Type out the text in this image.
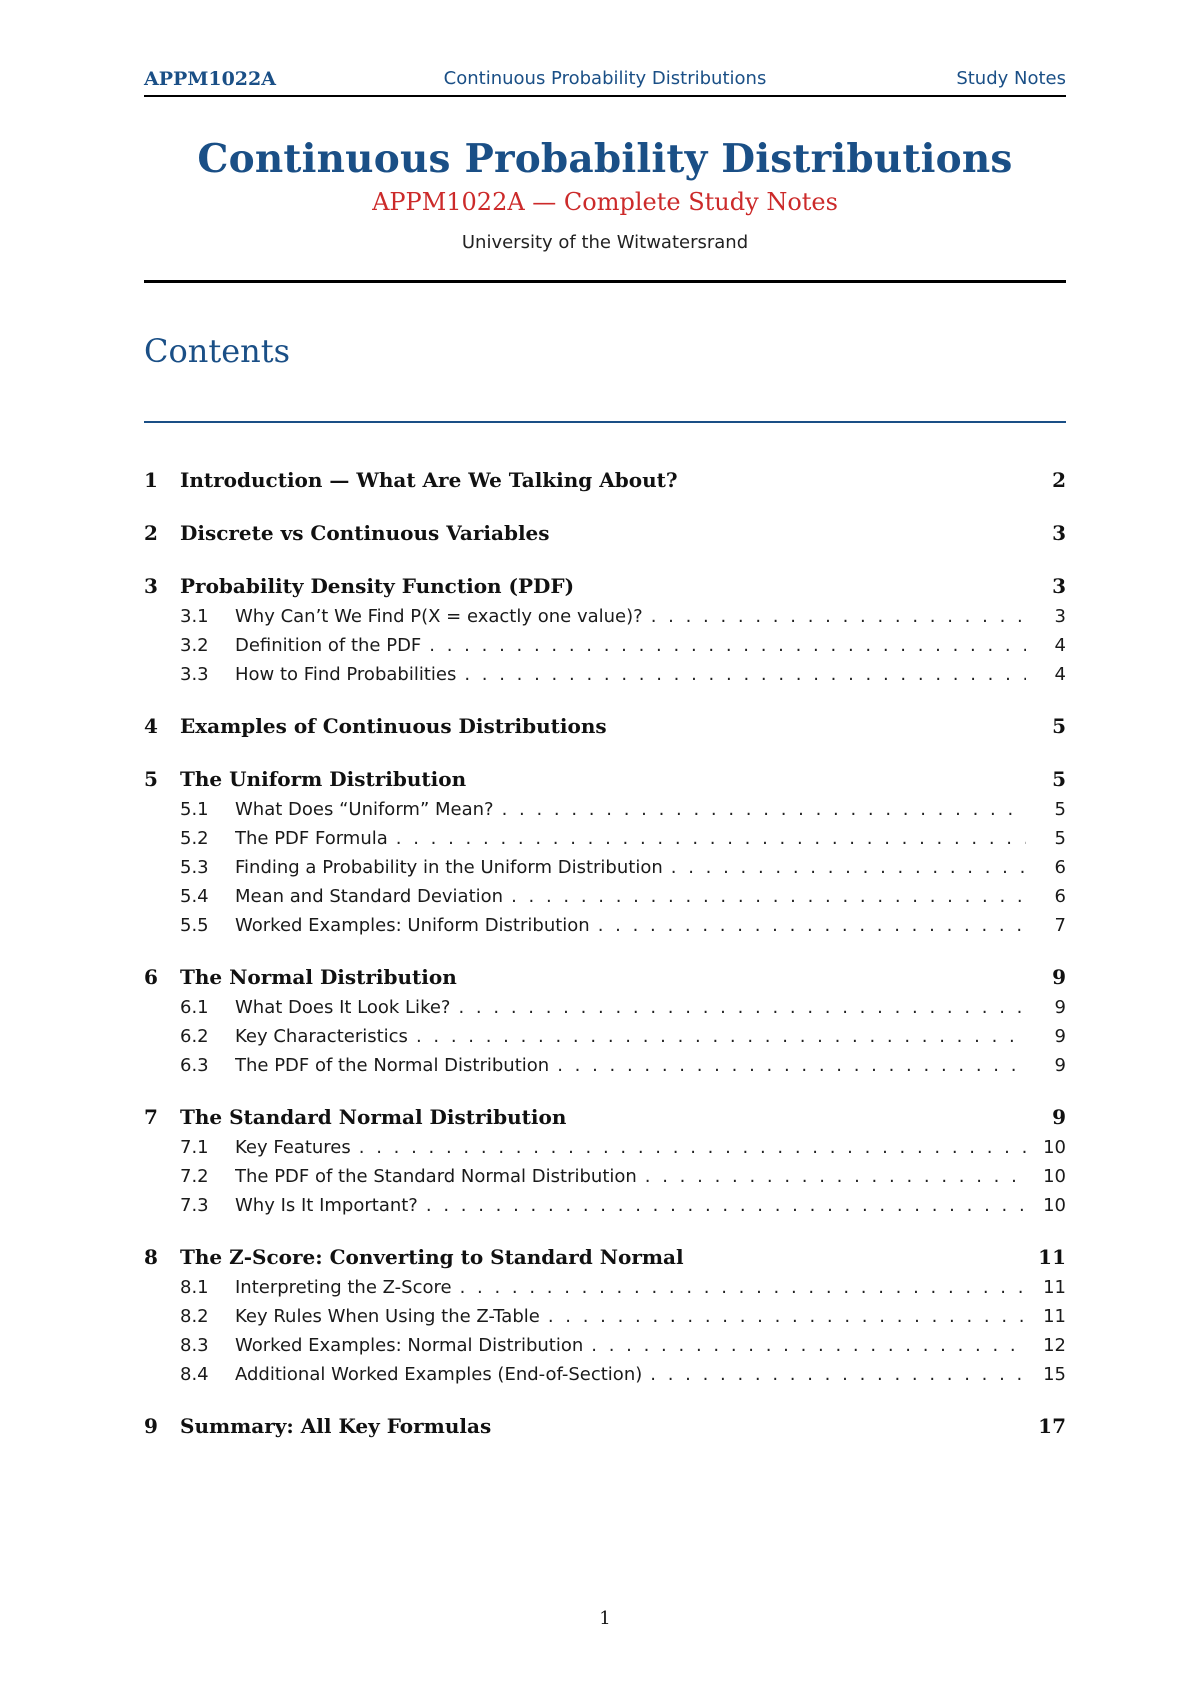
APPM1022A	Continuous Probability Distributions	Study Notes
Continuous Probability Distributions
APPM1022A — Complete Study Notes
University of the Witwatersrand
Contents
1 Introduction — What Are We Talking About?	2
2 Discrete vs Continuous Variables	3
3 Probability Density Function (PDF)	3
3.1 Why Can’t We Find P(X = exactly one value)? . . .	3
3.2 Definition of the PDF . . .	4
3.3 How to Find Probabilities . . .	4
4 Examples of Continuous Distributions	5
5 The Uniform Distribution	5
5.1 What Does “Uniform” Mean? . . .	5
5.2 The PDF Formula . . .	5
5.3 Finding a Probability in the Uniform Distribution . . .	6
5.4 Mean and Standard Deviation . . .	6
5.5 Worked Examples: Uniform Distribution . . .	7
6 The Normal Distribution	9
6.1 What Does It Look Like? . . .	9
6.2 Key Characteristics . . .	9
6.3 The PDF of the Normal Distribution . . .	9
7 The Standard Normal Distribution	9
7.1 Key Features . . .	10
7.2 The PDF of the Standard Normal Distribution . . .	10
7.3 Why Is It Important? . . .	10
8 The Z-Score: Converting to Standard Normal	11
8.1 Interpreting the Z-Score . . .	11
8.2 Key Rules When Using the Z-Table . . .	11
8.3 Worked Examples: Normal Distribution . . .	12
8.4 Additional Worked Examples (End-of-Section) . . .	15
9 Summary: All Key Formulas	17
1
